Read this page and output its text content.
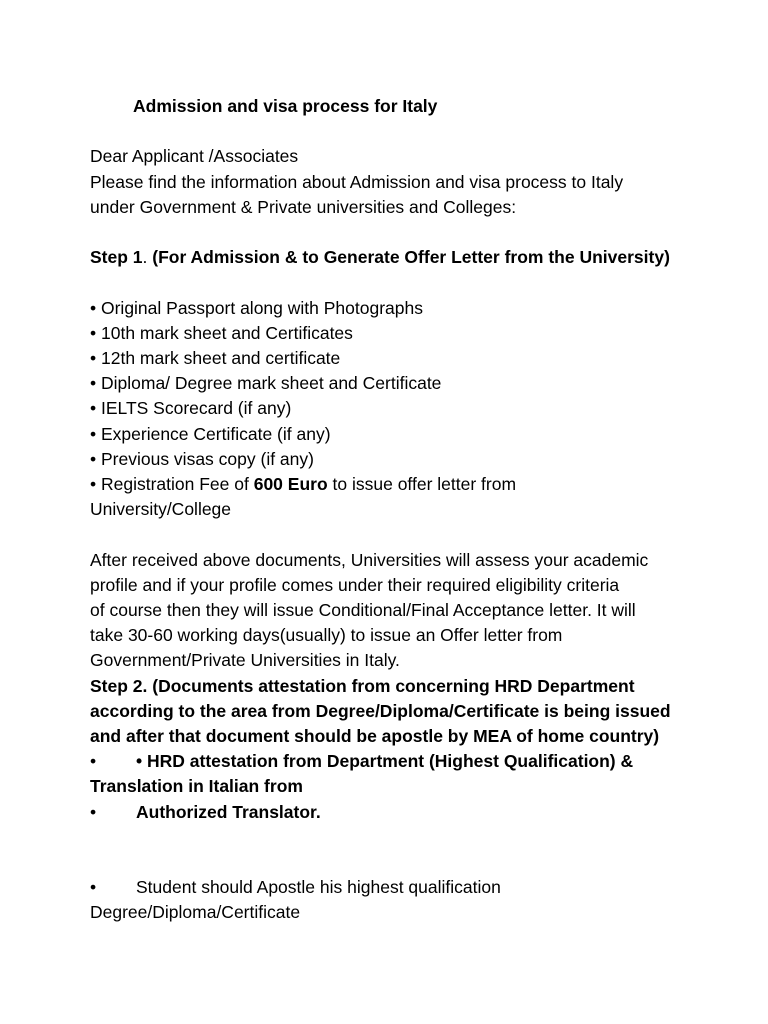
Admission and visa process for Italy
Dear Applicant /Associates
Please find the information about Admission and visa process to Italy
under Government & Private universities and Colleges:
Step 1. (For Admission & to Generate Offer Letter from the University)
• Original Passport along with Photographs
• 10th mark sheet and Certificates
• 12th mark sheet and certificate
• Diploma/ Degree mark sheet and Certificate
• IELTS Scorecard (if any)
• Experience Certificate (if any)
• Previous visas copy (if any)
• Registration Fee of 600 Euro to issue offer letter from
University/College
After received above documents, Universities will assess your academic
profile and if your profile comes under their required eligibility criteria
of course then they will issue Conditional/Final Acceptance letter. It will
take 30-60 working days(usually) to issue an Offer letter from
Government/Private Universities in Italy.
Step 2. (Documents attestation from concerning HRD Department
according to the area from Degree/Diploma/Certificate is being issued
and after that document should be apostle by MEA of home country)
• • HRD attestation from Department (Highest Qualification) &
Translation in Italian from
• Authorized Translator.
• Student should Apostle his highest qualification
Degree/Diploma/Certificate
